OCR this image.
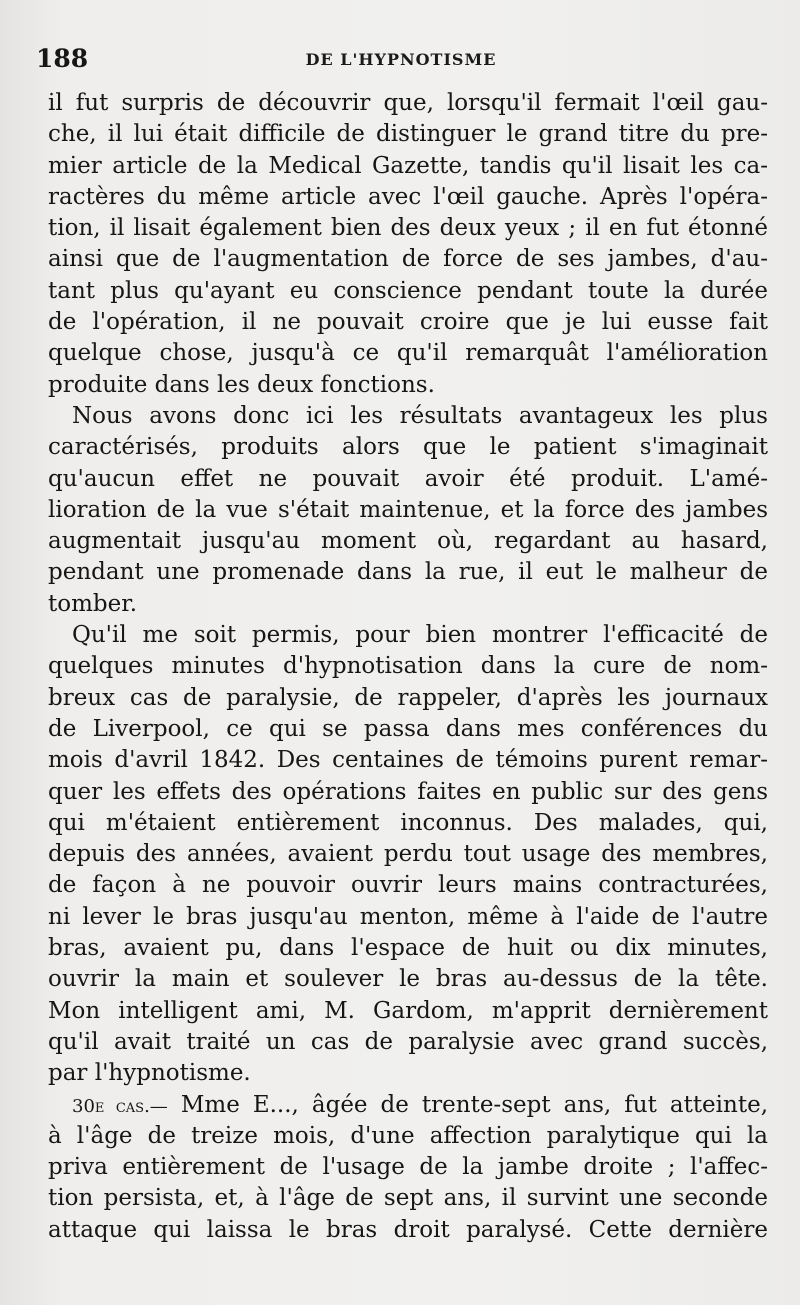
188	DE L'HYPNOTISME
il fut surpris de découvrir que, lorsqu'il fermait l'œil gau-
che, il lui était difficile de distinguer le grand titre du pre-
mier article de la Medical Gazette, tandis qu'il lisait les ca-
ractères du même article avec l'œil gauche. Après l'opéra-
tion, il lisait également bien des deux yeux ; il en fut étonné
ainsi que de l'augmentation de force de ses jambes, d'au-
tant plus qu'ayant eu conscience pendant toute la durée
de l'opération, il ne pouvait croire que je lui eusse fait
quelque chose, jusqu'à ce qu'il remarquât l'amélioration
produite dans les deux fonctions.
Nous avons donc ici les résultats avantageux les plus
caractérisés, produits alors que le patient s'imaginait
qu'aucun effet ne pouvait avoir été produit. L'amé-
lioration de la vue s'était maintenue, et la force des jambes
augmentait jusqu'au moment où, regardant au hasard,
pendant une promenade dans la rue, il eut le malheur de
tomber.
Qu'il me soit permis, pour bien montrer l'efficacité de
quelques minutes d'hypnotisation dans la cure de nom-
breux cas de paralysie, de rappeler, d'après les journaux
de Liverpool, ce qui se passa dans mes conférences du
mois d'avril 1842. Des centaines de témoins purent remar-
quer les effets des opérations faites en public sur des gens
qui m'étaient entièrement inconnus. Des malades, qui,
depuis des années, avaient perdu tout usage des membres,
de façon à ne pouvoir ouvrir leurs mains contracturées,
ni lever le bras jusqu'au menton, même à l'aide de l'autre
bras, avaient pu, dans l'espace de huit ou dix minutes,
ouvrir la main et soulever le bras au-dessus de la tête.
Mon intelligent ami, M. Gardom, m'apprit dernièrement
qu'il avait traité un cas de paralysie avec grand succès,
par l'hypnotisme.
30e cas.— Mme E..., âgée de trente-sept ans, fut atteinte,
à l'âge de treize mois, d'une affection paralytique qui la
priva entièrement de l'usage de la jambe droite ; l'affec-
tion persista, et, à l'âge de sept ans, il survint une seconde
attaque qui laissa le bras droit paralysé. Cette dernière
